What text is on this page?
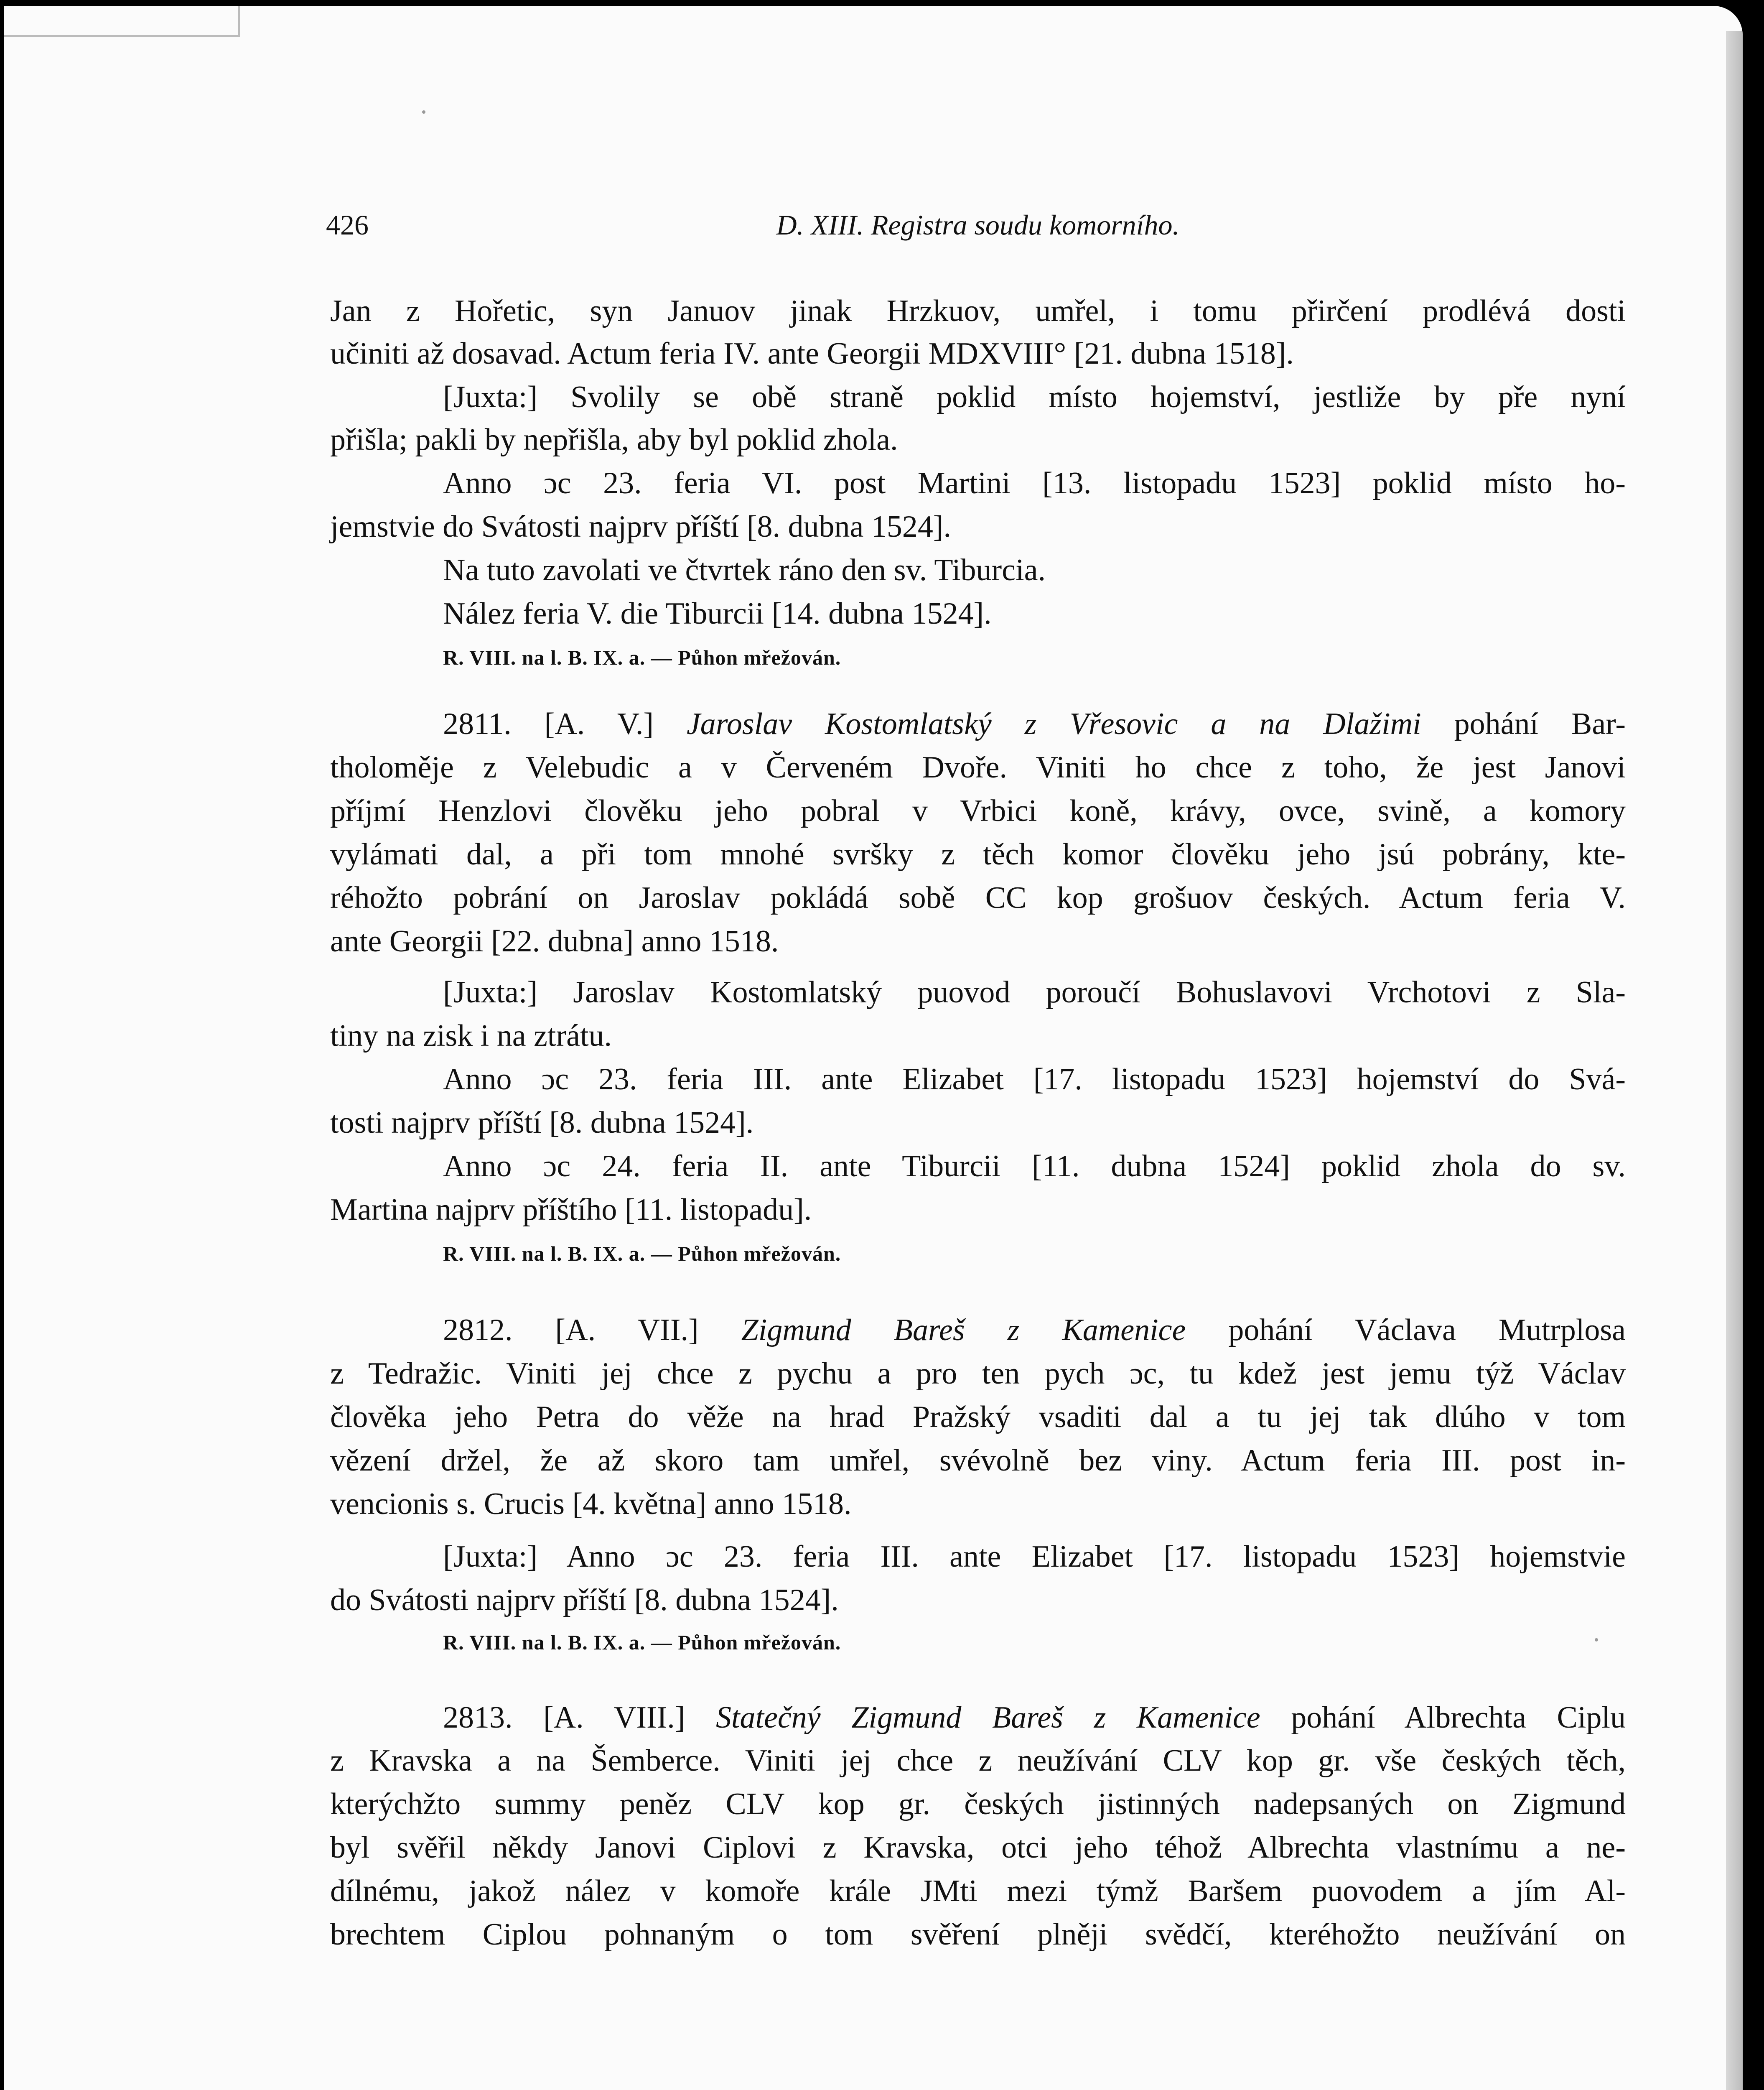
426	D. XIII. Registra soudu komorního.
Jan z Hořetic, syn Januov jinak Hrzkuov, umřel, i tomu přirčení prodlévá dosti
učiniti až dosavad. Actum feria IV. ante Georgii MDXVIII° [21. dubna 1518].
[Juxta:] Svolily se obě straně poklid místo hojemství, jestliže by pře nyní
přišla; pakli by nepřišla, aby byl poklid zhola.
Anno ɔc 23. feria VI. post Martini [13. listopadu 1523] poklid místo ho-
jemstvie do Svátosti najprv příští [8. dubna 1524].
Na tuto zavolati ve čtvrtek ráno den sv. Tiburcia.
Nález feria V. die Tiburcii [14. dubna 1524].
R. VIII. na l. B. IX. a. — Půhon mřežován.
2811. [A. V.] Jaroslav Kostomlatský z Vřesovic a na Dlažimi pohání Bar-
tholoměje z Velebudic a v Červeném Dvoře. Viniti ho chce z toho, že jest Janovi
příjmí Henzlovi člověku jeho pobral v Vrbici koně, krávy, ovce, svině, a komory
vylámati dal, a při tom mnohé svršky z těch komor člověku jeho jsú pobrány, kte-
réhožto pobrání on Jaroslav pokládá sobě CC kop grošuov českých. Actum feria V.
ante Georgii [22. dubna] anno 1518.
[Juxta:] Jaroslav Kostomlatský puovod poroučí Bohuslavovi Vrchotovi z Sla-
tiny na zisk i na ztrátu.
Anno ɔc 23. feria III. ante Elizabet [17. listopadu 1523] hojemství do Svá-
tosti najprv příští [8. dubna 1524].
Anno ɔc 24. feria II. ante Tiburcii [11. dubna 1524] poklid zhola do sv.
Martina najprv příštího [11. listopadu].
R. VIII. na l. B. IX. a. — Půhon mřežován.
2812. [A. VII.] Zigmund Bareš z Kamenice pohání Václava Mutrplosa
z Tedražic. Viniti jej chce z pychu a pro ten pych ɔc, tu kdež jest jemu týž Václav
člověka jeho Petra do věže na hrad Pražský vsaditi dal a tu jej tak dlúho v tom
vězení držel, že až skoro tam umřel, svévolně bez viny. Actum feria III. post in-
vencionis s. Crucis [4. května] anno 1518.
[Juxta:] Anno ɔc 23. feria III. ante Elizabet [17. listopadu 1523] hojemstvie
do Svátosti najprv příští [8. dubna 1524].
R. VIII. na l. B. IX. a. — Půhon mřežován.
2813. [A. VIII.] Statečný Zigmund Bareš z Kamenice pohání Albrechta Ciplu
z Kravska a na Šemberce. Viniti jej chce z neužívání CLV kop gr. vše českých těch,
kterýchžto summy peněz CLV kop gr. českých jistinných nadepsaných on Zigmund
byl svěřil někdy Janovi Ciplovi z Kravska, otci jeho téhož Albrechta vlastnímu a ne-
dílnému, jakož nález v komoře krále JMti mezi týmž Baršem puovodem a jím Al-
brechtem Ciplou pohnaným o tom svěření plněji svědčí, kteréhožto neužívání on
